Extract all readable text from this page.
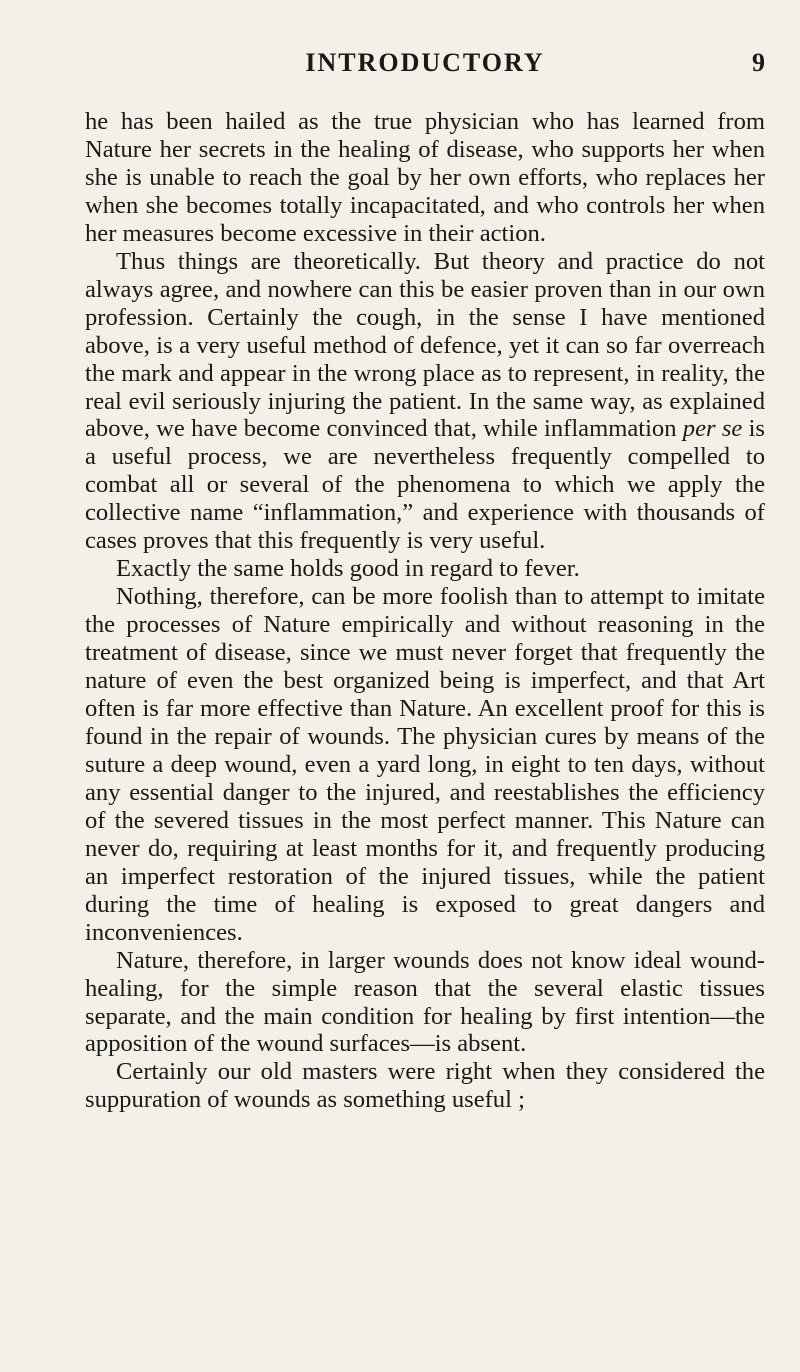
INTRODUCTORY	9

he has been hailed as the true physician who has learned from Nature her secrets in the healing of disease, who supports her when she is unable to reach the goal by her own efforts, who replaces her when she becomes totally incapacitated, and who controls her when her measures become excessive in their action.

Thus things are theoretically. But theory and practice do not always agree, and nowhere can this be easier proven than in our own profession. Certainly the cough, in the sense I have mentioned above, is a very useful method of defence, yet it can so far overreach the mark and appear in the wrong place as to represent, in reality, the real evil seriously injuring the patient. In the same way, as explained above, we have become convinced that, while inflammation per se is a useful process, we are nevertheless frequently compelled to combat all or several of the phenomena to which we apply the collective name “inflammation,” and experience with thousands of cases proves that this frequently is very useful.

Exactly the same holds good in regard to fever.

Nothing, therefore, can be more foolish than to attempt to imitate the processes of Nature empirically and without reasoning in the treatment of disease, since we must never forget that frequently the nature of even the best organized being is imperfect, and that Art often is far more effective than Nature. An excellent proof for this is found in the repair of wounds. The physician cures by means of the suture a deep wound, even a yard long, in eight to ten days, without any essential danger to the injured, and reestablishes the efficiency of the severed tissues in the most perfect manner. This Nature can never do, requiring at least months for it, and frequently producing an imperfect restoration of the injured tissues, while the patient during the time of healing is exposed to great dangers and inconveniences.

Nature, therefore, in larger wounds does not know ideal wound-healing, for the simple reason that the several elastic tissues separate, and the main condition for healing by first intention—the apposition of the wound surfaces—is absent.

Certainly our old masters were right when they considered the suppuration of wounds as something useful ;
